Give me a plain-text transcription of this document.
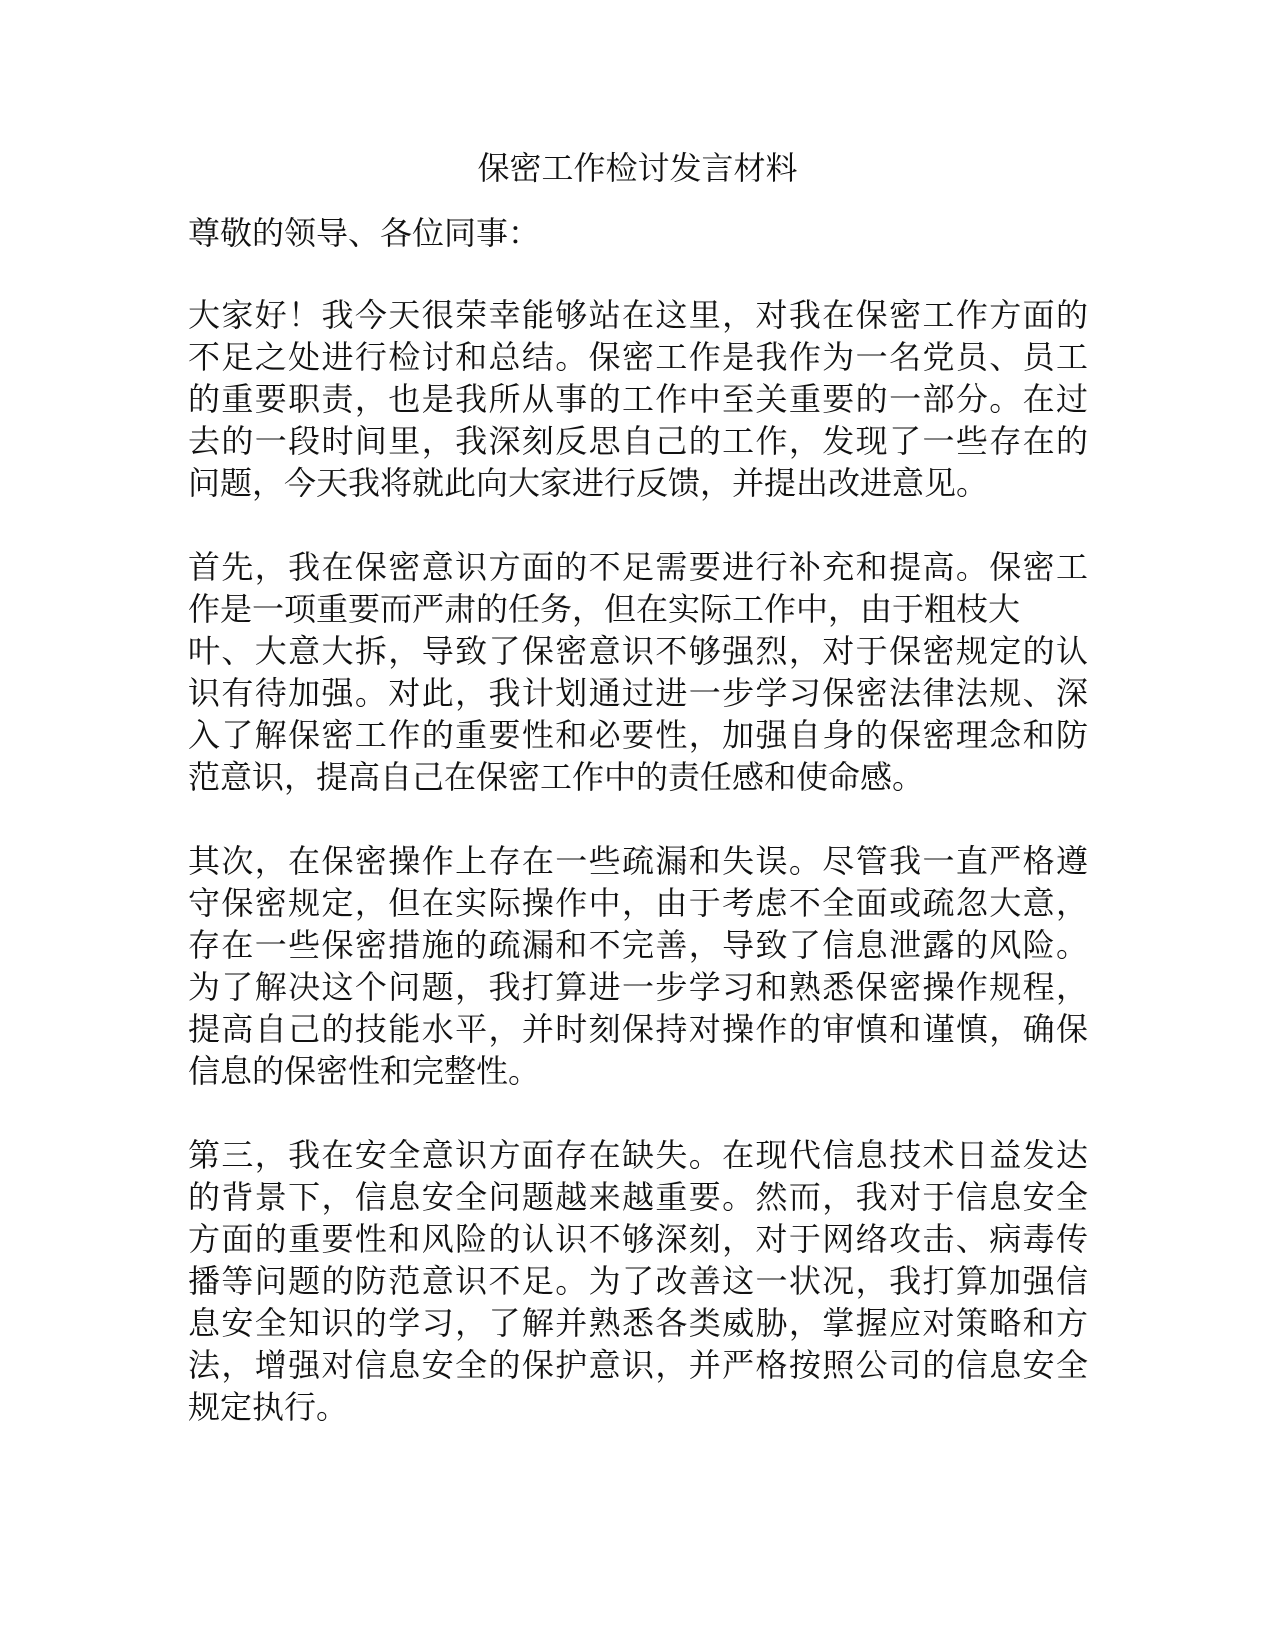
保密工作检讨发言材料

尊敬的领导、各位同事：

大家好！我今天很荣幸能够站在这里，对我在保密工作方面的
不足之处进行检讨和总结。保密工作是我作为一名党员、员工
的重要职责，也是我所从事的工作中至关重要的一部分。在过
去的一段时间里，我深刻反思自己的工作，发现了一些存在的
问题，今天我将就此向大家进行反馈，并提出改进意见。
首先，我在保密意识方面的不足需要进行补充和提高。保密工
作是一项重要而严肃的任务，但在实际工作中，由于粗枝大
叶、大意大拆，导致了保密意识不够强烈，对于保密规定的认
识有待加强。对此，我计划通过进一步学习保密法律法规、深
入了解保密工作的重要性和必要性，加强自身的保密理念和防
范意识，提高自己在保密工作中的责任感和使命感。
其次，在保密操作上存在一些疏漏和失误。尽管我一直严格遵
守保密规定，但在实际操作中，由于考虑不全面或疏忽大意，
存在一些保密措施的疏漏和不完善，导致了信息泄露的风险。
为了解决这个问题，我打算进一步学习和熟悉保密操作规程，
提高自己的技能水平，并时刻保持对操作的审慎和谨慎，确保
信息的保密性和完整性。
第三，我在安全意识方面存在缺失。在现代信息技术日益发达
的背景下，信息安全问题越来越重要。然而，我对于信息安全
方面的重要性和风险的认识不够深刻，对于网络攻击、病毒传
播等问题的防范意识不足。为了改善这一状况，我打算加强信
息安全知识的学习，了解并熟悉各类威胁，掌握应对策略和方
法，增强对信息安全的保护意识，并严格按照公司的信息安全
规定执行。
